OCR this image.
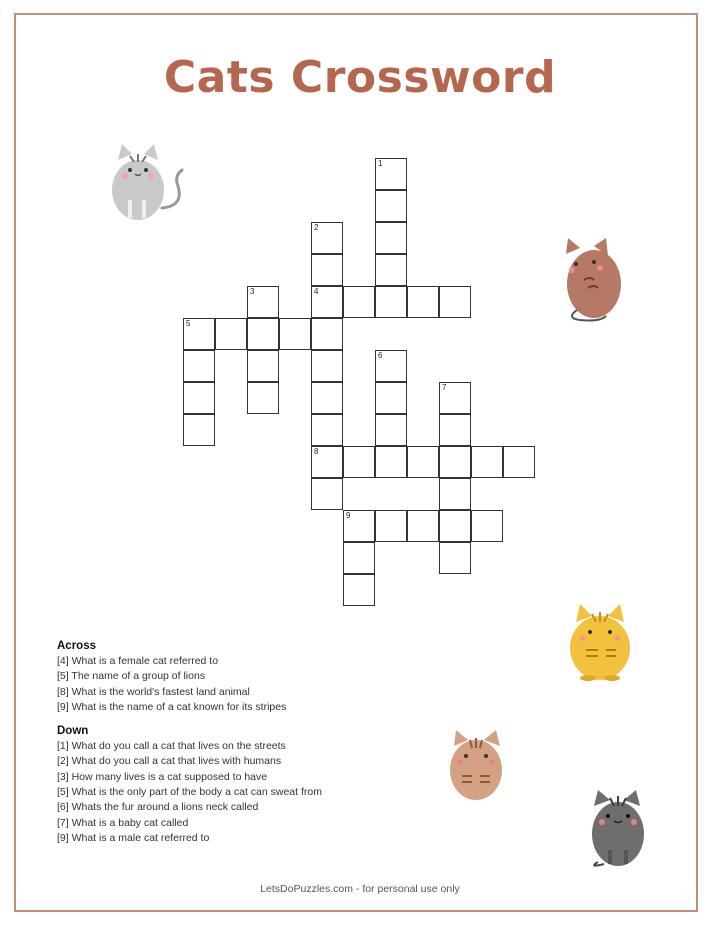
Cats Crossword
1
2
4
8
3
5
6
7
9
Across
[4] What is a female cat referred to
[5] The name of a group of lions
[8] What is the world's fastest land animal
[9] What is the name of a cat known for its stripes
Down
[1] What do you call a cat that lives on the streets
[2] What do you call a cat that lives with humans
[3] How many lives is a cat supposed to have
[5] What is the only part of the body a cat can sweat from
[6] Whats the fur around a lions neck called
[7] What is a baby cat called
[9] What is a male cat referred to
LetsDoPuzzles.com - for personal use only
